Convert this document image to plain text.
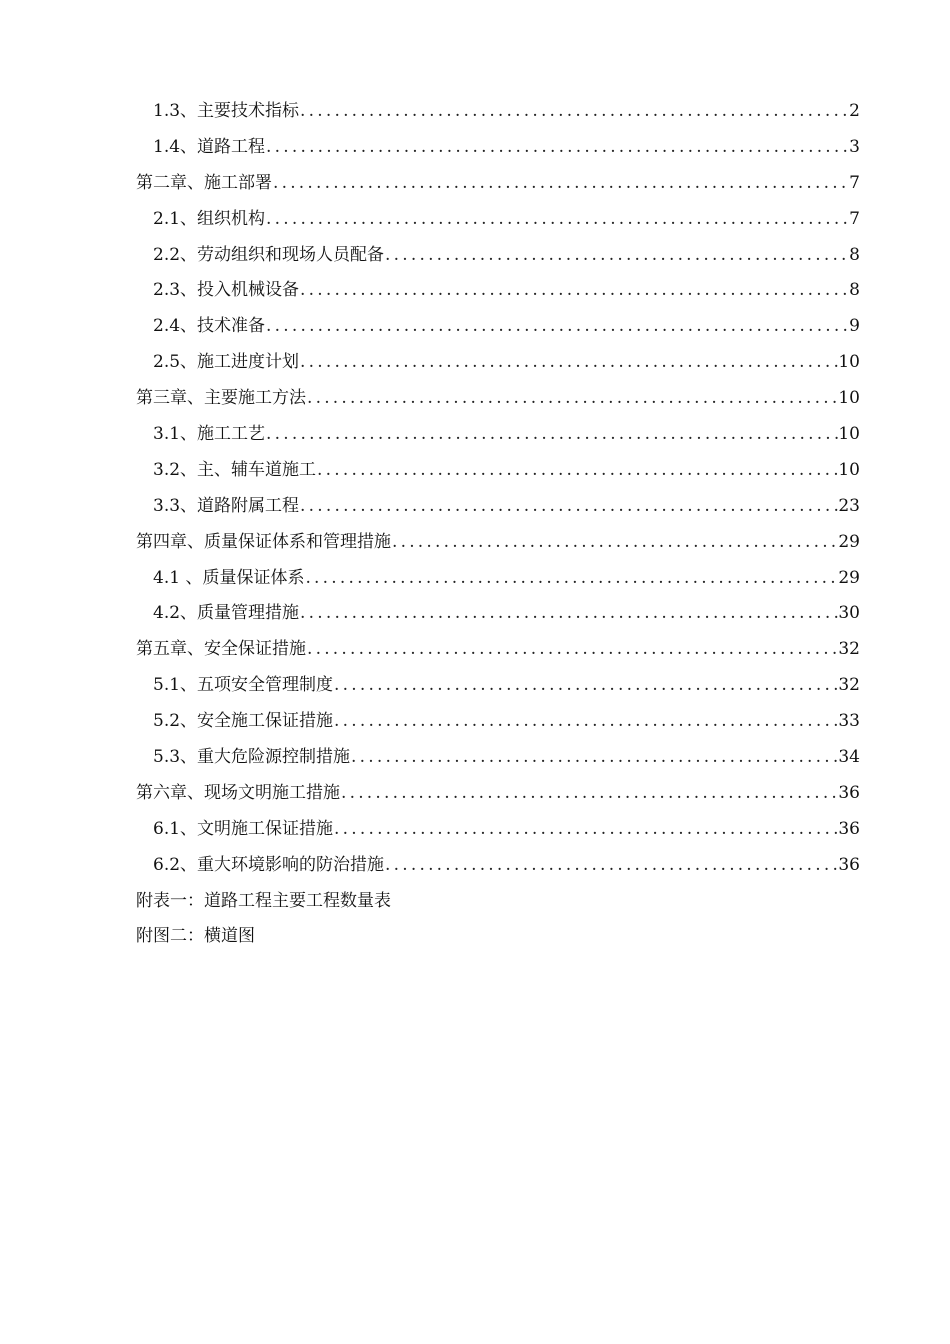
1.3、主要技术指标 .....	2
1.4、道路工程 .....	3
第二章、施工部署 .....	7
2.1、组织机构 .....	7
2.2、劳动组织和现场人员配备 .....	8
2.3、投入机械设备 .....	8
2.4、技术准备 .....	9
2.5、施工进度计划 .....	10
第三章、主要施工方法 .....	10
3.1、施工工艺 .....	10
3.2、主、辅车道施工 .....	10
3.3、道路附属工程 .....	23
第四章、质量保证体系和管理措施 .....	29
4.1 、质量保证体系 .....	29
4.2、质量管理措施 .....	30
第五章、安全保证措施 .....	32
5.1、五项安全管理制度 .....	32
5.2、安全施工保证措施 .....	33
5.3、重大危险源控制措施 .....	34
第六章、现场文明施工措施 .....	36
6.1、文明施工保证措施 .....	36
6.2、重大环境影响的防治措施 .....	36
附表一：道路工程主要工程数量表
附图二：横道图
